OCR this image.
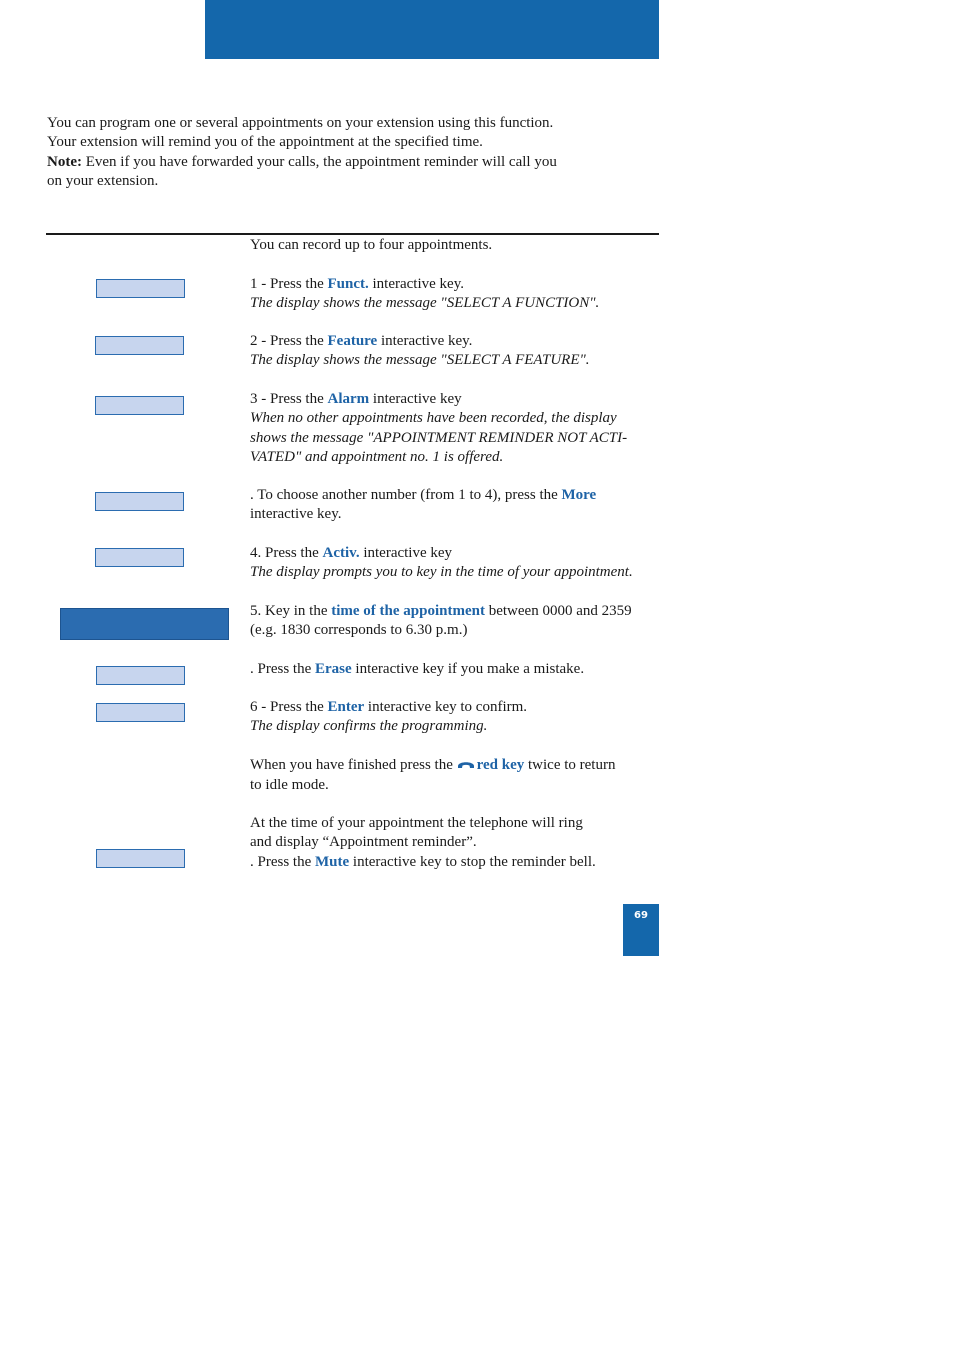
You can program one or several appointments on your extension using this function.

Your extension will remind you of the appointment at the specified time.

Note: Even if you have forwarded your calls, the appointment reminder will call you

on your extension.

You can record up to four appointments.

1 - Press the Funct. interactive key.

The display shows the message "SELECT A FUNCTION".

2 - Press the Feature interactive key.

The display shows the message "SELECT A FEATURE".

3 - Press the Alarm interactive key

When no other appointments have been recorded, the display

shows the message "APPOINTMENT REMINDER NOT ACTI-

VATED" and appointment no. 1 is offered.

. To choose another number (from 1 to 4), press the More

interactive key.

4. Press the Activ. interactive key

The display prompts you to key in the time of your appointment.

5. Key in the time of the appointment between 0000 and 2359

(e.g. 1830 corresponds to 6.30 p.m.)

. Press the Erase interactive key if you make a mistake.

6 - Press the Enter interactive key to confirm.

The display confirms the programming.

When you have finished press the red key twice to return

to idle mode.

At the time of your appointment the telephone will ring

and display “Appointment reminder”.

. Press the Mute interactive key to stop the reminder bell.

69
